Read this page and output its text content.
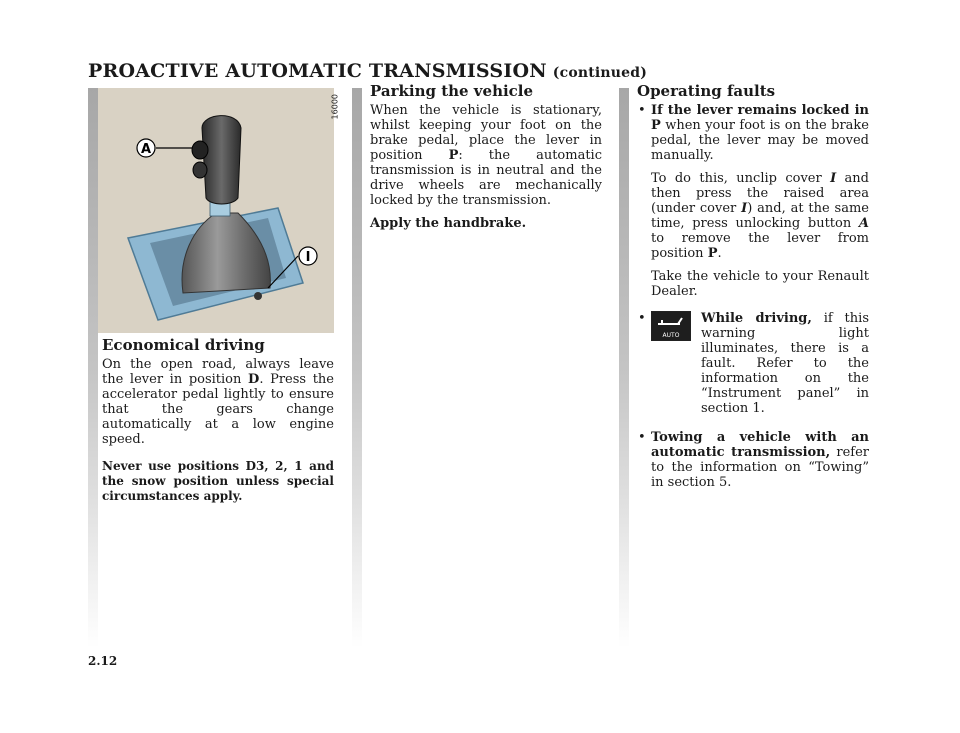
PROACTIVE AUTOMATIC TRANSMISSION (continued)
A
I
16000
Economical driving

On the open road, always leave the lever in position D. Press the accelerator pedal lightly to ensure that the gears change automatically at a low engine speed.

Never use positions D3, 2, 1 and the snow position unless special circumstances apply.

Parking the vehicle

When the vehicle is stationary, whilst keeping your foot on the brake pedal, place the lever in position P: the automatic transmission is in neutral and the drive wheels are mechanically locked by the transmission.

Apply the handbrake.

Operating faults
• If the lever remains locked in P when your foot is on the brake pedal, the lever may be moved manually.

To do this, unclip cover I and then press the raised area (under cover I) and, at the same time, press unlocking button A to remove the lever from position P.

Take the vehicle to your Renault Dealer.

•
AUTO

While driving, if this warning light illuminates, there is a fault. Refer to the information on the “Instrument panel” in section 1.

• Towing a vehicle with an automatic transmission, refer to the information on “Towing” in section 5.

2.12
